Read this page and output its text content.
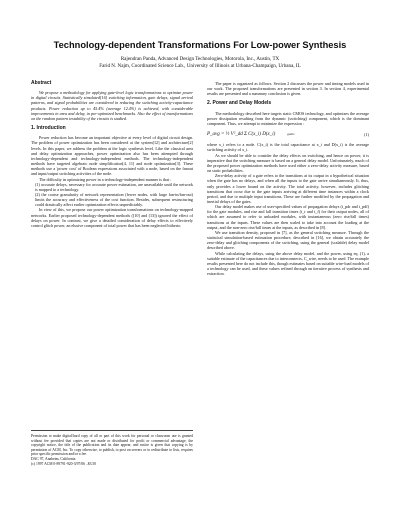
Technology-dependent Transformations For Low-power Synthesis
Rajendran Panda, Advanced Design Technologies, Motorola, Inc., Austin, TX
Farid N. Najm, Coordinated Science Lab., University of Illinois at Urbana-Champaign, Urbana, IL
Abstract

We propose a methodology for applying gate-level logic transformations to optimize power in digital circuits. Statistically simulated[16] switching information, gate delays, signal arrival patterns, and signal probabilities are considered in reducing the switching activity-capacitance products. Power reduction up to 45.4% (average 12.4%) is achieved, with considerable improvements in area and delay, in pre-optimized benchmarks. Also the effect of transformations on the random pattern testability of the circuits is studied.

1. Introduction

Power reduction has become an important objective at every level of digital circuit design. The problem of power optimization has been considered at the system[12] and architecture[2] levels. In this paper, we address the problem at the logic synthesis level. Like the classical area and delay optimization approaches, power optimization also has been attempted through technology-dependent and technology-independent methods. The technology-independent methods have targeted algebraic node simplification[4, 11] and node optimization[3]. These methods use a 'power cost' of Boolean expressions associated with a node, based on the fanout and input/output switching activities of the node.

The difficulty in optimizing power in a technology-independent manner is that :

(1) accurate delays, necessary for accurate power estimation, are unavailable until the network is mapped to a technology.
(2) the coarse granularity of network representation (fewer nodes, with large fan-in/fan-out) limits the accuracy and effectiveness of the cost function. Besides, subsequent restructuring could drastically affect earlier optimization effects unpredictably.

In view of this, we propose our power optimization transformations on technology-mapped networks. Earlier proposed technology-dependent methods ([10] and [13]) ignored the effect of delays on power. In contrast, we give a detailed consideration of delay effects to effectively control glitch power, an elusive component of total power that has been neglected hitherto.

The paper is organized as follows. Section 2 discusses the power and timing models used in our work. The proposed transformations are presented in section 3. In section 4, experimental results are presented and a summary conclusion is given.

2. Power and Delay Models

The methodology described here targets static CMOS technology, and optimizes the average power dissipation resulting from the dynamic (switching) component, which is the dominant component. Thus, we attempt to minimize the expression :

P_avg = ½ V²_dd Σ C(x_i) D(x_i)	gates	(1)

where x_i refers to a node. C(x_i) is the total capacitance at x_i and D(x_i) is the average switching activity of x_i.

As we should be able to consider the delay effects on switching, and hence on power, it is imperative that the switching measure is based on a general delay model. Unfortunately, much of the proposed power optimization methods have used either a zero-delay activity measure, based on static probabilities.

Zero-delay activity of a gate refers to the transitions at its output in a hypothetical situation when the gate has no delays, and when all the inputs to the gate arrive simultaneously. It, thus, only provides a lower bound on the activity. The total activity, however, includes glitching transitions that occur due to the gate inputs arriving at different time instances within a clock period, and due to multiple input transitions. These are further modified by the propagation and inertial delays of the gates.

Our delay model makes use of user-specified values of propagation delays (t_pdr and t_pdf) for the gate modules, and rise and fall transition times (t_r and t_f) for their output nodes, all of which are assumed to refer to unloaded modules, with instantaneous (zero rise/fall times) transitions at the inputs. These values are then scaled to take into account the loading at the output, and the non-zero rise/fall times at the inputs, as described in [8].

We use transition density, proposed in [7], as the general switching measure. Through the statistical simulation-based estimation procedure, described in [16], we obtain accurately the zero-delay and glitching components of the switching, using the general (scalable) delay model described above.

While calculating the delays, using the above delay model, and the power, using eq. (1), a suitable estimate of the capacitances due to interconnects, C_wire, needs to be used. The example results presented here do not include this, though estimates based on suitable wire-load models of a technology can be used, and these values refined through an iterative process of synthesis and extraction.

Permission to make digital/hard copy of all or part of this work for personal or classroom use is granted without fee provided that copies are not made or distributed for profit or commercial advantage, the copyright notice, the title of the publication and its date appear, and notice is given that copying is by permission of ACM, Inc. To copy otherwise, to publish, to post on servers or to redistribute to lists, requires prior specific permission and/or a fee.

DAC 97, Anaheim, California

(c) 1997 ACM 0-89791-920-3/97/06 ..$3.50
